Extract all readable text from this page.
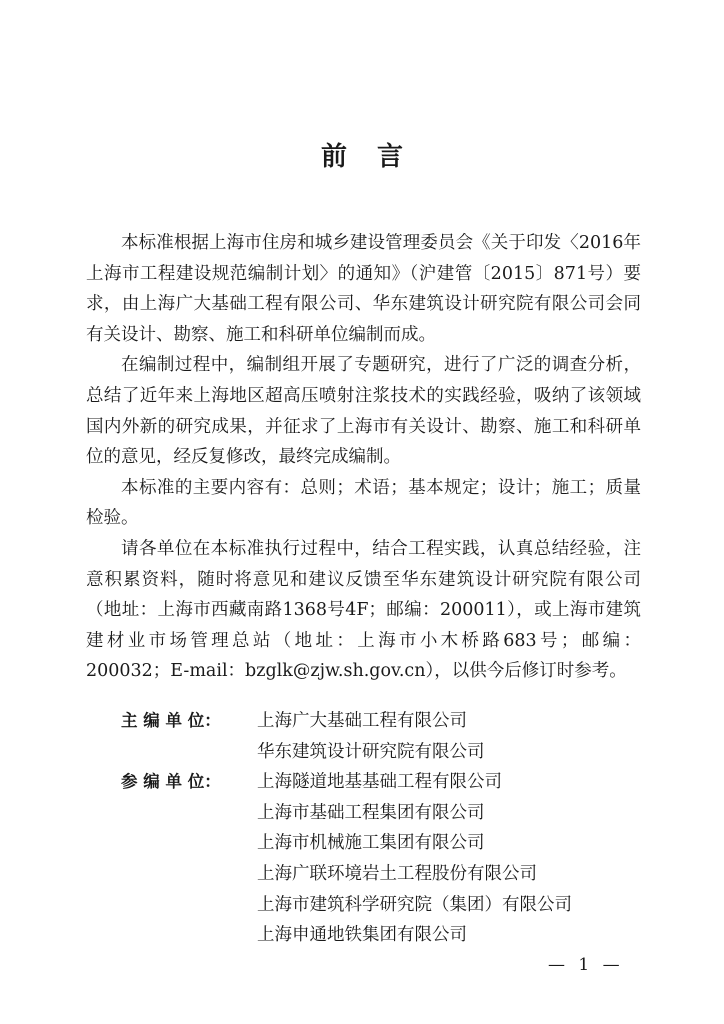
前言

本标准根据上海市住房和城乡建设管理委员会《关于印发〈2016年上海市工程建设规范编制计划〉的通知》（沪建管〔2015〕871号）要求，由上海广大基础工程有限公司、华东建筑设计研究院有限公司会同有关设计、勘察、施工和科研单位编制而成。

在编制过程中，编制组开展了专题研究，进行了广泛的调查分析，总结了近年来上海地区超高压喷射注浆技术的实践经验，吸纳了该领域国内外新的研究成果，并征求了上海市有关设计、勘察、施工和科研单位的意见，经反复修改，最终完成编制。

本标准的主要内容有：总则；术语；基本规定；设计；施工；质量检验。

请各单位在本标准执行过程中，结合工程实践，认真总结经验，注意积累资料，随时将意见和建议反馈至华东建筑设计研究院有限公司（地址：上海市西藏南路1368号4F；邮编：200011），或上海市建筑建材业市场管理总站（地址：上海市小木桥路683号；邮编：200032；E-mail：bzglk@zjw.sh.gov.cn），以供今后修订时参考。

主 编 单 位：	上海广大基础工程有限公司
华东建筑设计研究院有限公司
参 编 单 位：	上海隧道地基基础工程有限公司
上海市基础工程集团有限公司
上海市机械施工集团有限公司
上海广联环境岩土工程股份有限公司
上海市建筑科学研究院（集团）有限公司
上海申通地铁集团有限公司
— 1 —
